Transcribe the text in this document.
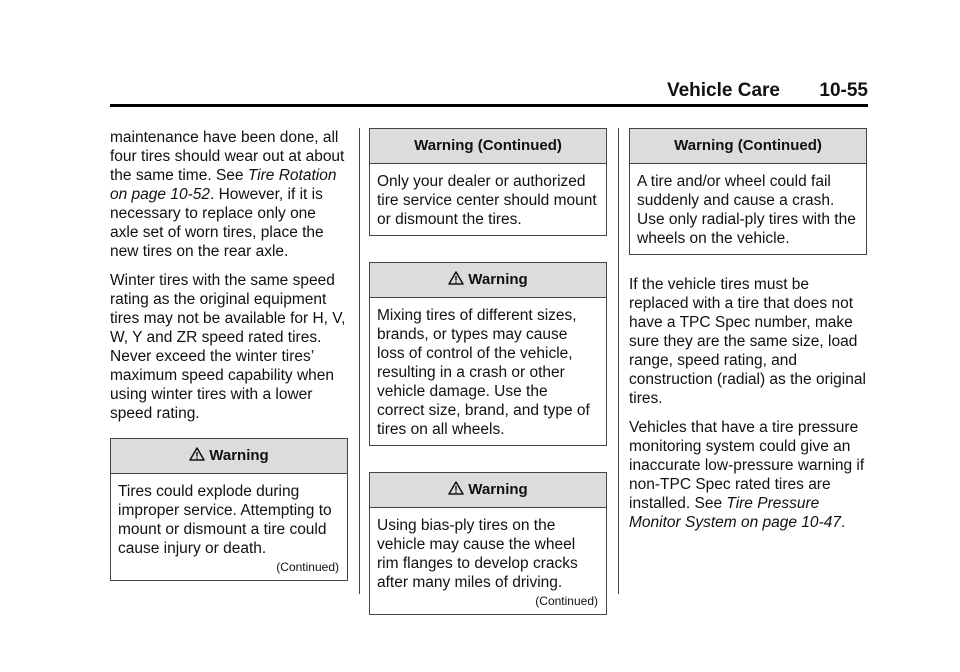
Vehicle Care 10-55

maintenance have been done, all four tires should wear out at about the same time. See Tire Rotation on page 10-52. However, if it is necessary to replace only one axle set of worn tires, place the new tires on the rear axle.

Winter tires with the same speed rating as the original equipment tires may not be available for H, V, W, Y and ZR speed rated tires. Never exceed the winter tires’ maximum speed capability when using winter tires with a lower speed rating.

Warning
Tires could explode during improper service. Attempting to mount or dismount a tire could cause injury or death.
(Continued)
Warning (Continued)
Only your dealer or authorized tire service center should mount or dismount the tires.
Warning
Mixing tires of different sizes, brands, or types may cause loss of control of the vehicle, resulting in a crash or other vehicle damage. Use the correct size, brand, and type of tires on all wheels.
Warning
Using bias-ply tires on the vehicle may cause the wheel rim flanges to develop cracks after many miles of driving.
(Continued)
Warning (Continued)
A tire and/or wheel could fail suddenly and cause a crash. Use only radial-ply tires with the wheels on the vehicle.

If the vehicle tires must be replaced with a tire that does not have a TPC Spec number, make sure they are the same size, load range, speed rating, and construction (radial) as the original tires.

Vehicles that have a tire pressure monitoring system could give an inaccurate low-pressure warning if non-TPC Spec rated tires are installed. See Tire Pressure Monitor System on page 10-47.
